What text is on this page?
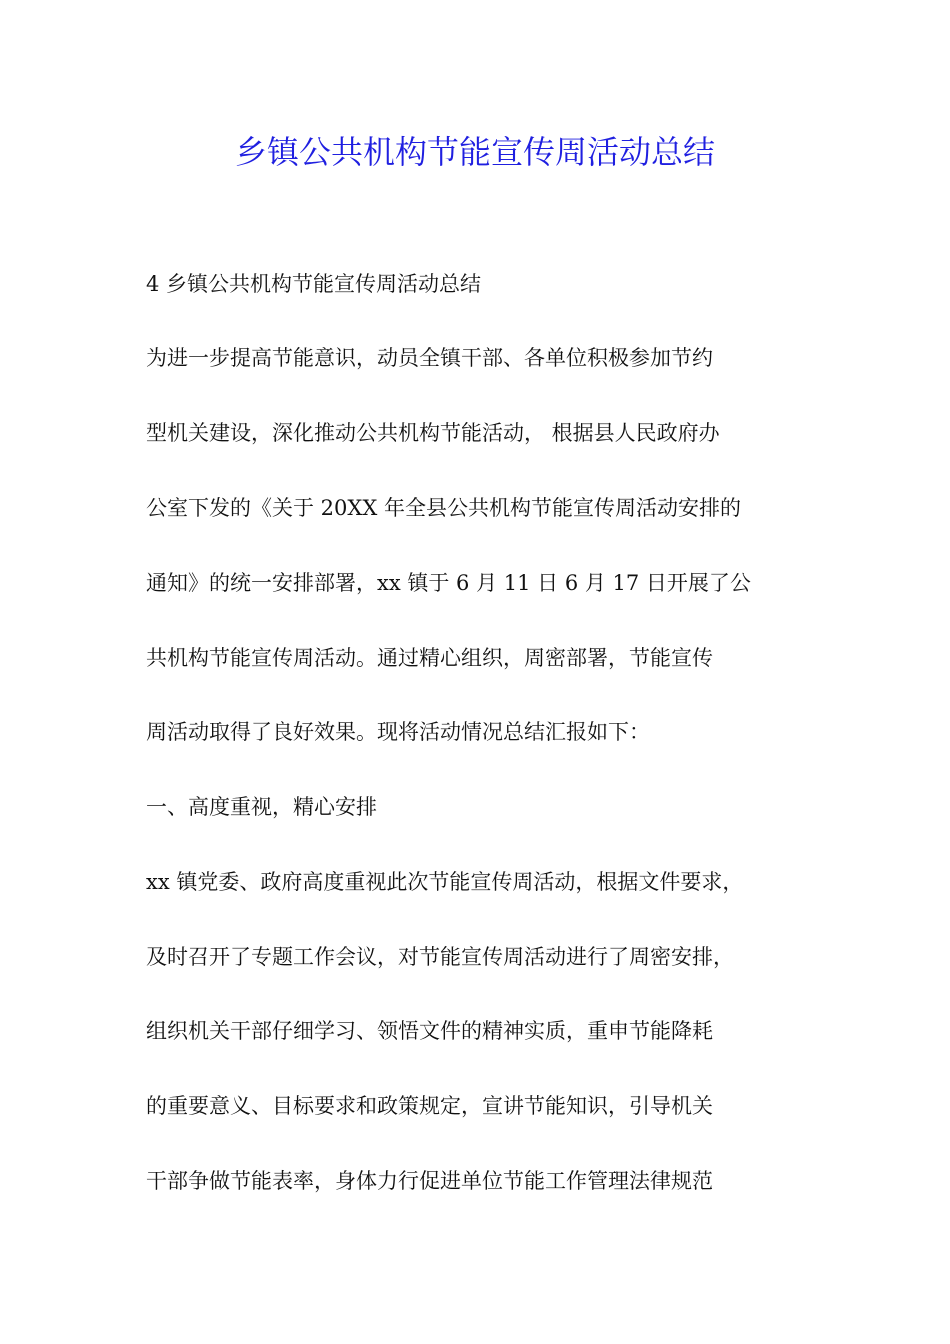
乡镇公共机构节能宣传周活动总结

4 乡镇公共机构节能宣传周活动总结

为进一步提高节能意识，动员全镇干部、各单位积极参加节约

型机关建设，深化推动公共机构节能活动， 根据县人民政府办

公室下发的《关于 20XX 年全县公共机构节能宣传周活动安排的

通知》的统一安排部署，xx 镇于 6 月 11 日 6 月 17 日开展了公

共机构节能宣传周活动。通过精心组织，周密部署，节能宣传

周活动取得了良好效果。现将活动情况总结汇报如下：

一、高度重视，精心安排

xx 镇党委、政府高度重视此次节能宣传周活动，根据文件要求，

及时召开了专题工作会议，对节能宣传周活动进行了周密安排，

组织机关干部仔细学习、领悟文件的精神实质，重申节能降耗

的重要意义、目标要求和政策规定，宣讲节能知识，引导机关

干部争做节能表率，身体力行促进单位节能工作管理法律规范
